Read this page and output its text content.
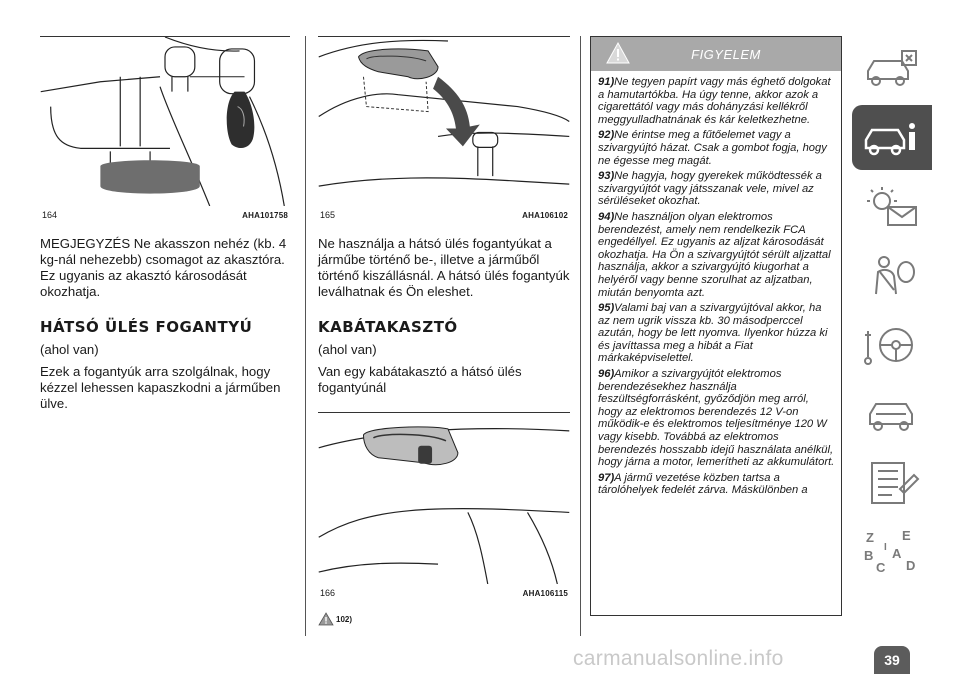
164	AHA101758
MEGJEGYZÉS Ne akasszon nehéz (kb. 4 kg-nál nehezebb) csomagot az akasztóra. Ez ugyanis az akasztó károsodását okozhatja.
HÁTSÓ ÜLÉS FOGANTYÚ
(ahol van)
Ezek a fogantyúk arra szolgálnak, hogy kézzel lehessen kapaszkodni a járműben ülve.
165	AHA106102
Ne használja a hátsó ülés fogantyúkat a járműbe történő be-, illetve a járműből történő kiszállásnál. A hátsó ülés fogantyúk leválhatnak és Ön eleshet.
KABÁTAKASZTÓ
(ahol van)
Van egy kabátakasztó a hátsó ülés fogantyúnál
166	AHA106115
102)
FIGYELEM

91)Ne tegyen papírt vagy más éghető dolgokat a hamutartókba. Ha úgy tenne, akkor azok a cigarettától vagy más dohányzási kellékről meggyulladhatnának és kár keletkezhetne.

92)Ne érintse meg a fűtőelemet vagy a szivargyújtó házat. Csak a gombot fogja, hogy ne égesse meg magát.

93)Ne hagyja, hogy gyerekek működtessék a szivargyújtót vagy játsszanak vele, mivel az sérüléseket okozhat.

94)Ne használjon olyan elektromos berendezést, amely nem rendelkezik FCA engedéllyel. Ez ugyanis az aljzat károsodását okozhatja. Ha Ön a szivargyújtót sérült aljzattal használja, akkor a szivargyújtó kiugorhat a helyéről vagy benne szorulhat az aljzatban, miután benyomta azt.

95)Valami baj van a szivargyújtóval akkor, ha az nem ugrik vissza kb. 30 másodperccel azután, hogy be lett nyomva. Ilyenkor húzza ki és javíttassa meg a hibát a Fiat márkaképviselettel.

96)Amikor a szivargyújtót elektromos berendezésekhez használja feszültségforrásként, győződjön meg arról, hogy az elektromos berendezés 12 V-on működik-e és elektromos teljesítménye 120 W vagy kisebb. Továbbá az elektromos berendezés hosszabb idejű használata anélkül, hogy járna a motor, lemerítheti az akkumulátort.

97)A jármű vezetése közben tartsa a tárolóhelyek fedelét zárva. Máskülönben a

Z E
B A
C D
I
carmanualsonline.info	39
